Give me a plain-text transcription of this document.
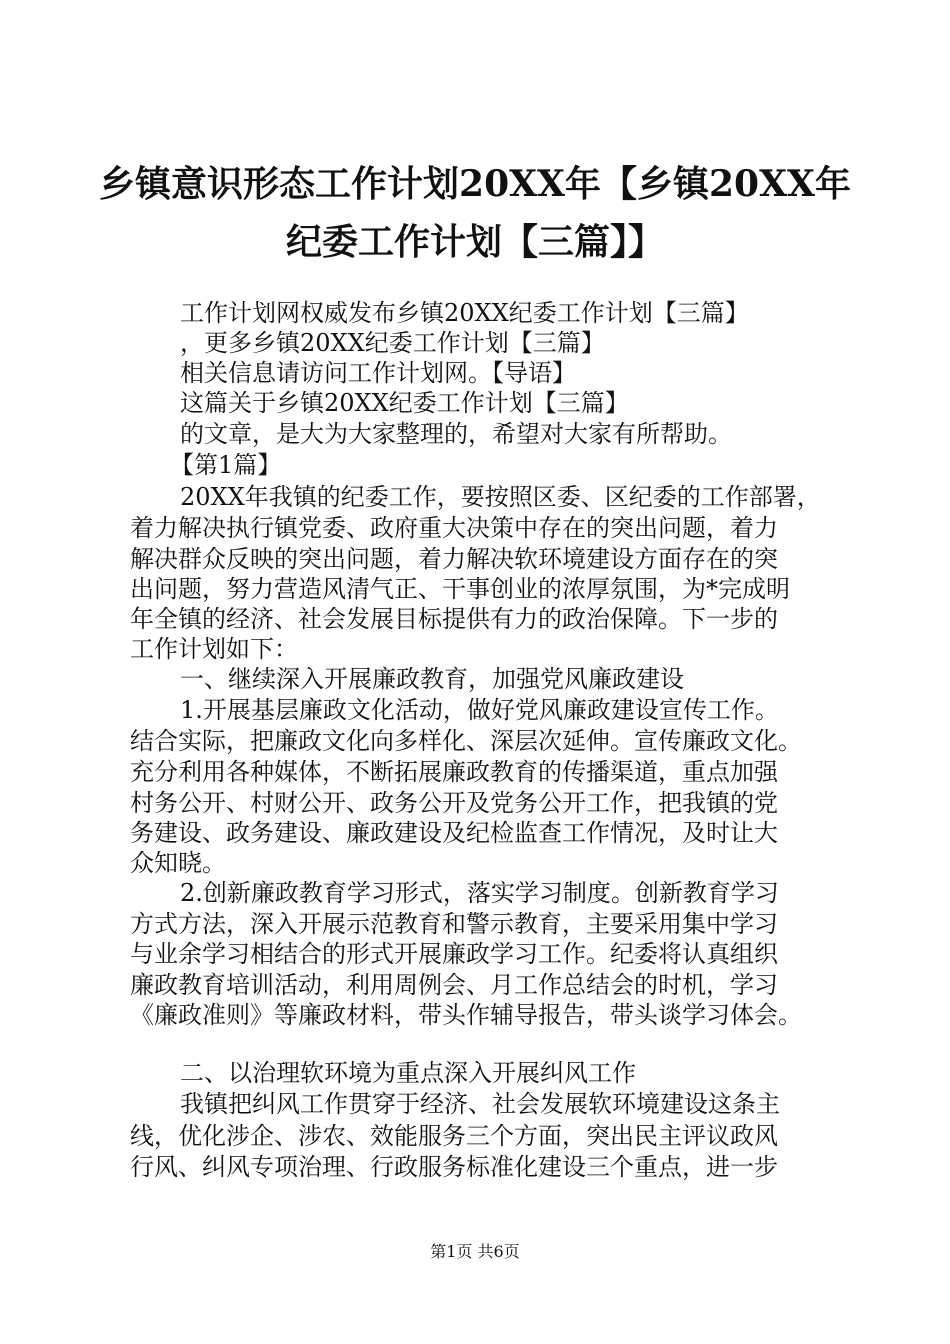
乡镇意识形态工作计划20XX年【乡镇20XX年
纪委工作计划【三篇】】

工作计划网权威发布乡镇20XX纪委工作计划【三篇】

，更多乡镇20XX纪委工作计划【三篇】

相关信息请访问工作计划网。【导语】

这篇关于乡镇20XX纪委工作计划【三篇】

的文章，是大为大家整理的，希望对大家有所帮助。

【第1篇】

20XX年我镇的纪委工作，要按照区委、区纪委的工作部署，

着力解决执行镇党委、政府重大决策中存在的突出问题，着力

解决群众反映的突出问题，着力解决软环境建设方面存在的突

出问题，努力营造风清气正、干事创业的浓厚氛围，为*完成明

年全镇的经济、社会发展目标提供有力的政治保障。下一步的

工作计划如下：

一、继续深入开展廉政教育，加强党风廉政建设

1.开展基层廉政文化活动，做好党风廉政建设宣传工作。

结合实际，把廉政文化向多样化、深层次延伸。宣传廉政文化。

充分利用各种媒体，不断拓展廉政教育的传播渠道，重点加强

村务公开、村财公开、政务公开及党务公开工作，把我镇的党

务建设、政务建设、廉政建设及纪检监查工作情况，及时让大

众知晓。

2.创新廉政教育学习形式，落实学习制度。创新教育学习

方式方法，深入开展示范教育和警示教育，主要采用集中学习

与业余学习相结合的形式开展廉政学习工作。纪委将认真组织

廉政教育培训活动，利用周例会、月工作总结会的时机，学习

《廉政准则》等廉政材料，带头作辅导报告，带头谈学习体会。

二、以治理软环境为重点深入开展纠风工作

我镇把纠风工作贯穿于经济、社会发展软环境建设这条主

线，优化涉企、涉农、效能服务三个方面，突出民主评议政风

行风、纠风专项治理、行政服务标准化建设三个重点，进一步

第1页 共6页
